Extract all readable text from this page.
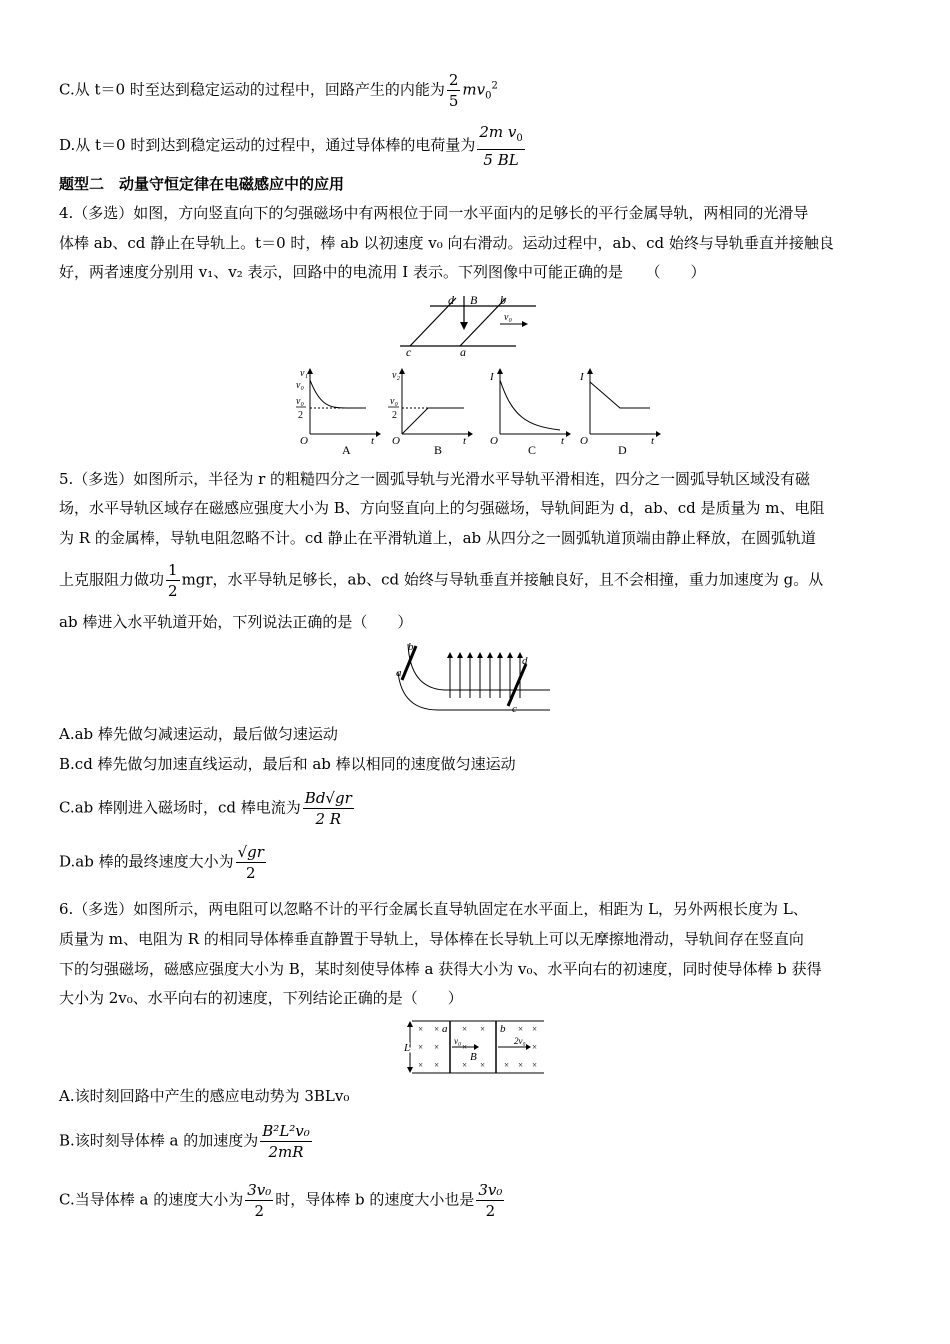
C.从 t＝0 时至达到稳定运动的过程中，回路产生的内能为 $\frac{2}{5} mv_0^2$
D.从 t＝0 时到达到稳定运动的过程中，通过导体棒的电荷量为 $\frac{2m v_0}{5 BL}$
题型二　动量守恒定律在电磁感应中的应用
4.（多选）如图，方向竖直向下的匀强磁场中有两根位于同一水平面内的足够长的平行金属导轨，两相同的光滑导
体棒 ab、cd 静止在导轨上。t＝0 时，棒 ab 以初速度 v₀ 向右滑动。运动过程中，ab、cd 始终与导轨垂直并接触良
好，两者速度分别用 v₁、v₂ 表示，回路中的电流用 I 表示。下列图像中可能正确的是　　（　　）
d B b
c	a
v₀
v₁
v₀
v₀
2
O	t
A
v₂
v₀
2
O	t
B
I
O	t
C
I
O	t
D
5.（多选）如图所示，半径为 r 的粗糙四分之一圆弧导轨与光滑水平导轨平滑相连，四分之一圆弧导轨区域没有磁
场，水平导轨区域存在磁感应强度大小为 B、方向竖直向上的匀强磁场，导轨间距为 d，ab、cd 是质量为 m、电阻
为 R 的金属棒，导轨电阻忽略不计。cd 静止在平滑轨道上，ab 从四分之一圆弧轨道顶端由静止释放，在圆弧轨道
上克服阻力做功 $\frac{1}{2}$ mgr，水平导轨足够长，ab、cd 始终与导轨垂直并接触良好，且不会相撞，重力加速度为 g。从
ab 棒进入水平轨道开始，下列说法正确的是（　　）
b
a
d
c
A.ab 棒先做匀减速运动，最后做匀速运动
B.cd 棒先做匀加速直线运动，最后和 ab 棒以相同的速度做匀速运动
C.ab 棒刚进入磁场时，cd 棒电流为 $\frac{Bd√gr}{2 R}$
D.ab 棒的最终速度大小为 $\frac{√gr}{2}$
6.（多选）如图所示，两电阻可以忽略不计的平行金属长直导轨固定在水平面上，相距为 L，另外两根长度为 L、
质量为 m、电阻为 R 的相同导体棒垂直静置于导轨上，导体棒在长导轨上可以无摩擦地滑动，导轨间存在竖直向
下的匀强磁场，磁感应强度大小为 B，某时刻使导体棒 a 获得大小为 v₀、水平向右的初速度，同时使导体棒 b 获得
大小为 2v₀、水平向右的初速度，下列结论正确的是（　　）
× ×	× ×	× ×
× ×	×	×
× ×	× × × × ×
L
a
v₀
B
b
2v₀
A.该时刻回路中产生的感应电动势为 3BLv₀
B.该时刻导体棒 a 的加速度为 $\frac{\text{B²L²v₀}}{2mR}$
C.当导体棒 a 的速度大小为 $\frac{\text{3v₀}}{2}$ 时，导体棒 b 的速度大小也是 $\frac{\text{3v₀}}{2}$
